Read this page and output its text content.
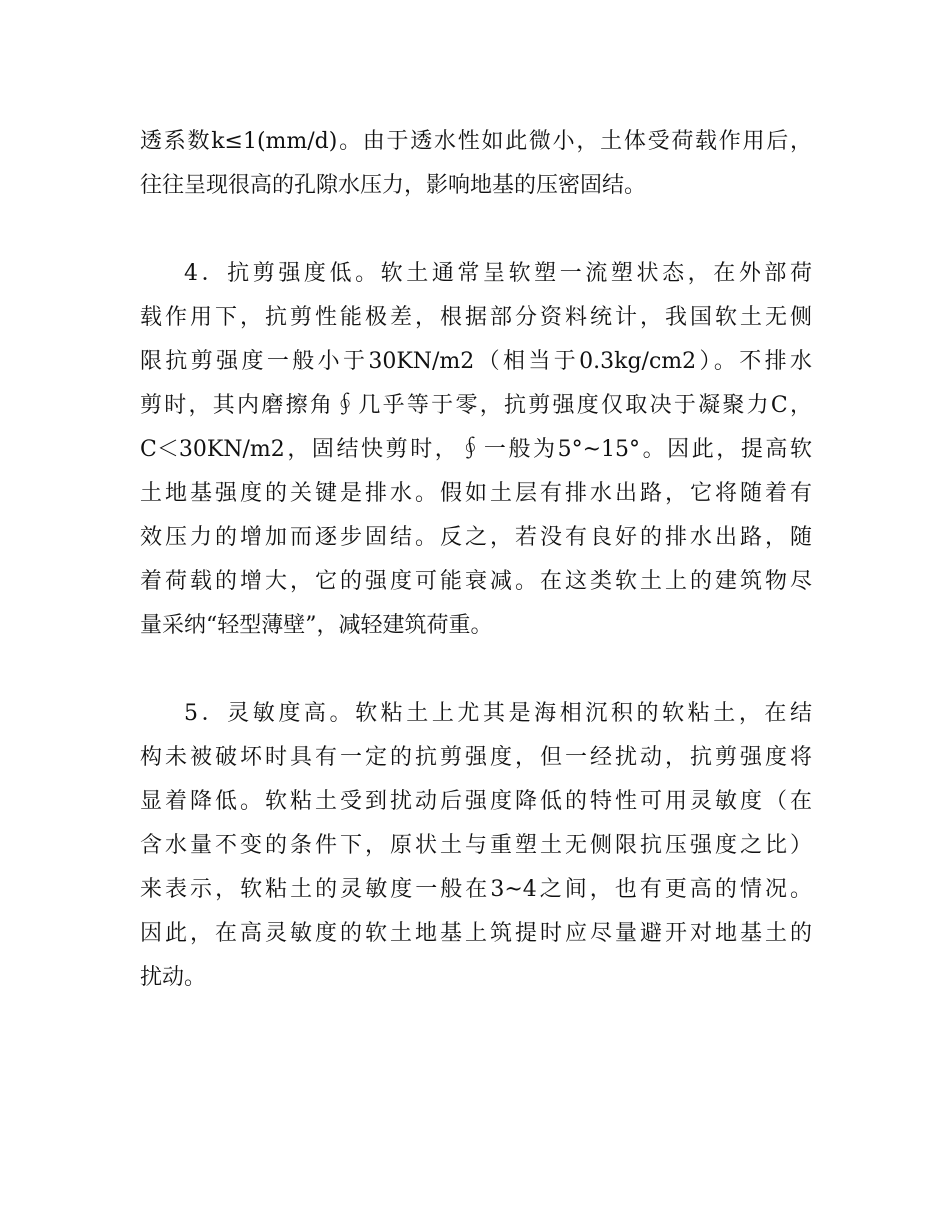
透系数k≤1(mm/d)。由于透水性如此微小，土体受荷载作用后，
往往呈现很高的孔隙水压力，影响地基的压密固结。
4．抗剪强度低。软土通常呈软塑一流塑状态，在外部荷
载作用下，抗剪性能极差，根据部分资料统计，我国软土无侧
限抗剪强度一般小于30KN/m2（相当于0.3kg/cm2）。不排水
剪时，其内磨擦角∮几乎等于零，抗剪强度仅取决于凝聚力C，
C＜30KN/m2，固结快剪时，∮一般为5°~15°。因此，提高软
土地基强度的关键是排水。假如土层有排水出路，它将随着有
效压力的增加而逐步固结。反之，若没有良好的排水出路，随
着荷载的增大，它的强度可能衰减。在这类软土上的建筑物尽
量采纳“轻型薄壁”，减轻建筑荷重。
5．灵敏度高。软粘土上尤其是海相沉积的软粘土，在结
构未被破坏时具有一定的抗剪强度，但一经扰动，抗剪强度将
显着降低。软粘土受到扰动后强度降低的特性可用灵敏度（在
含水量不变的条件下，原状土与重塑土无侧限抗压强度之比）
来表示，软粘土的灵敏度一般在3~4之间，也有更高的情况。
因此，在高灵敏度的软土地基上筑提时应尽量避开对地基土的
扰动。
